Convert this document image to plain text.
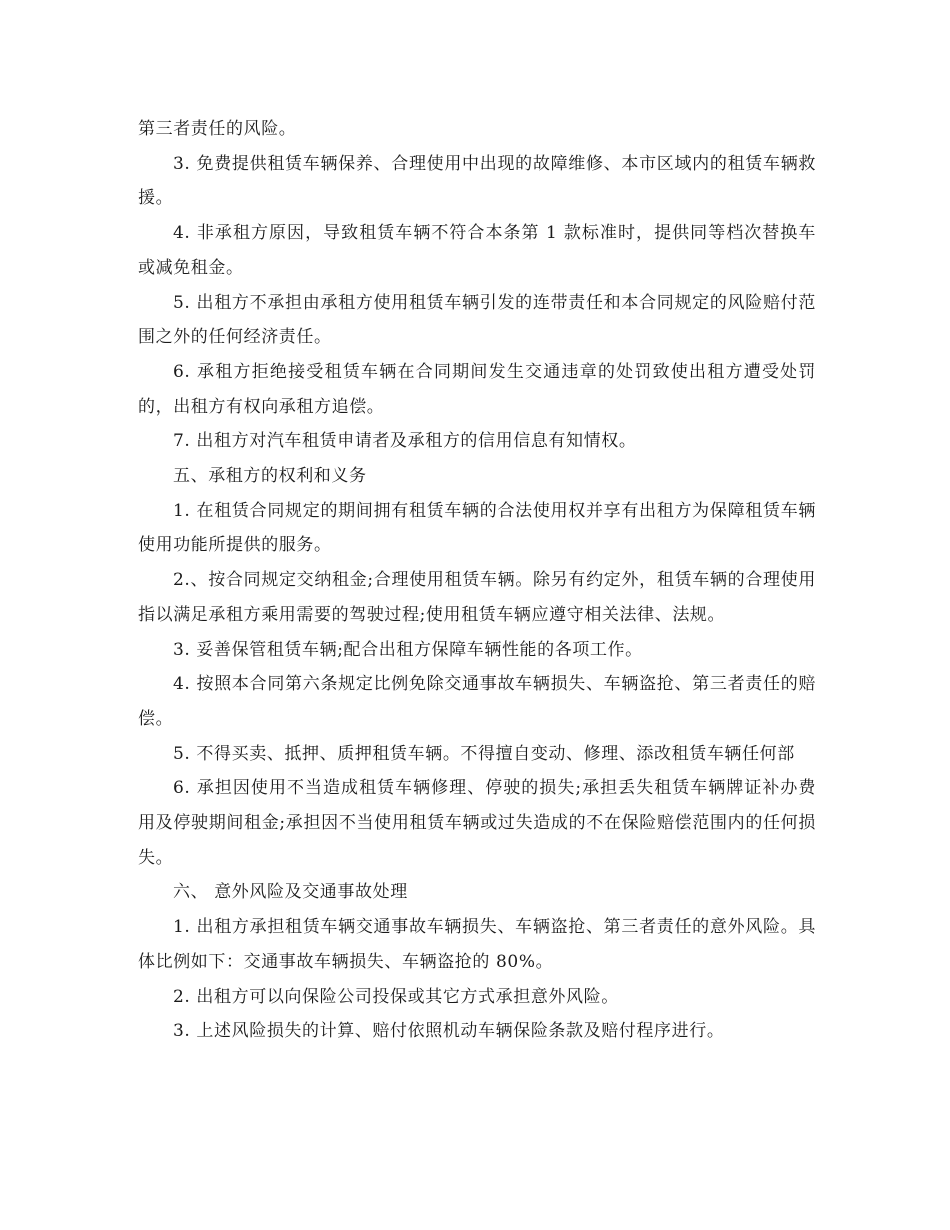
第三者责任的风险。

3. 免费提供租赁车辆保养、合理使用中出现的故障维修、本市区域内的租赁车辆救援。

4. 非承租方原因，导致租赁车辆不符合本条第 1 款标准时，提供同等档次替换车或减免租金。

5. 出租方不承担由承租方使用租赁车辆引发的连带责任和本合同规定的风险赔付范围之外的任何经济责任。

6. 承租方拒绝接受租赁车辆在合同期间发生交通违章的处罚致使出租方遭受处罚的，出租方有权向承租方追偿。

7. 出租方对汽车租赁申请者及承租方的信用信息有知情权。

五、承租方的权利和义务

1. 在租赁合同规定的期间拥有租赁车辆的合法使用权并享有出租方为保障租赁车辆使用功能所提供的服务。

2.、按合同规定交纳租金;合理使用租赁车辆。除另有约定外，租赁车辆的合理使用指以满足承租方乘用需要的驾驶过程;使用租赁车辆应遵守相关法律、法规。

3. 妥善保管租赁车辆;配合出租方保障车辆性能的各项工作。

4. 按照本合同第六条规定比例免除交通事故车辆损失、车辆盗抢、第三者责任的赔偿。

5. 不得买卖、抵押、质押租赁车辆。不得擅自变动、修理、添改租赁车辆任何部

6. 承担因使用不当造成租赁车辆修理、停驶的损失;承担丢失租赁车辆牌证补办费用及停驶期间租金;承担因不当使用租赁车辆或过失造成的不在保险赔偿范围内的任何损失。

六、 意外风险及交通事故处理

1. 出租方承担租赁车辆交通事故车辆损失、车辆盗抢、第三者责任的意外风险。具体比例如下：交通事故车辆损失、车辆盗抢的 80%。

2. 出租方可以向保险公司投保或其它方式承担意外风险。

3. 上述风险损失的计算、赔付依照机动车辆保险条款及赔付程序进行。
